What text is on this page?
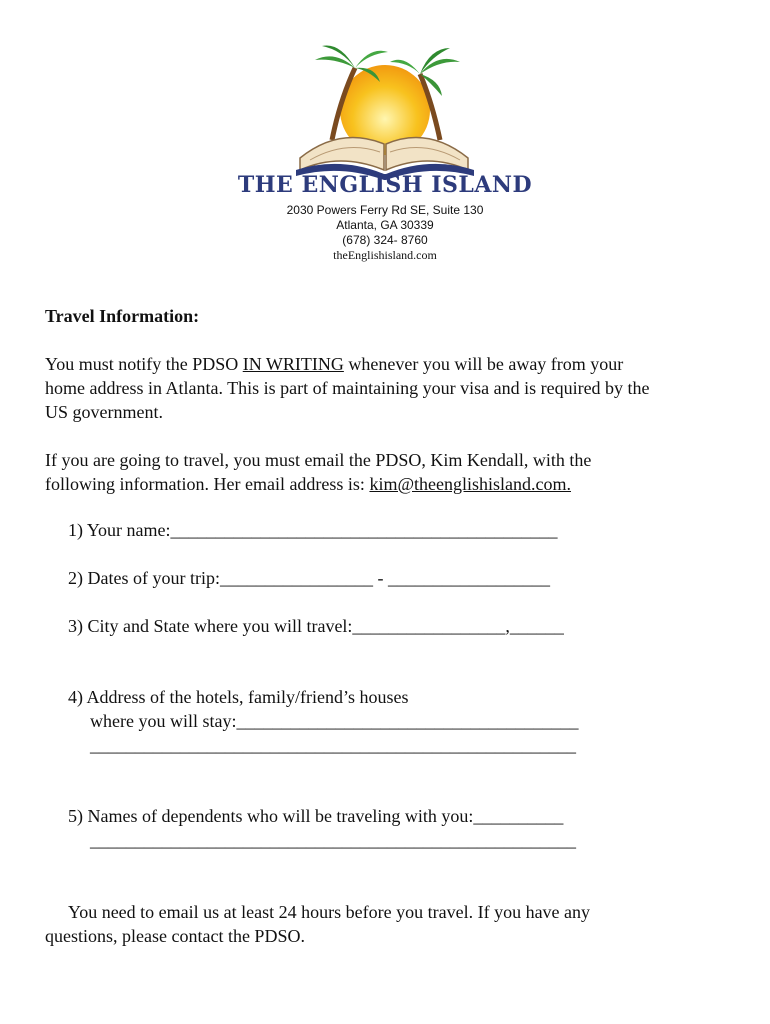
THE ENGLISH ISLAND
2030 Powers Ferry Rd SE, Suite 130
Atlanta, GA 30339
(678) 324- 8760
theEnglishisland.com
Travel Information:
You must notify the PDSO IN WRITING whenever you will be away from your
home address in Atlanta. This is part of maintaining your visa and is required by the
US government.
If you are going to travel, you must email the PDSO, Kim Kendall, with the
following information. Her email address is: kim@theenglishisland.com.
1) Your name:___________________________________________
2) Dates of your trip:_________________ - __________________
3) City and State where you will travel:_________________,______
4) Address of the hotels, family/friend’s houses
where you will stay:______________________________________
______________________________________________________
5) Names of dependents who will be traveling with you:__________
______________________________________________________
You need to email us at least 24 hours before you travel. If you have any
questions, please contact the PDSO.
